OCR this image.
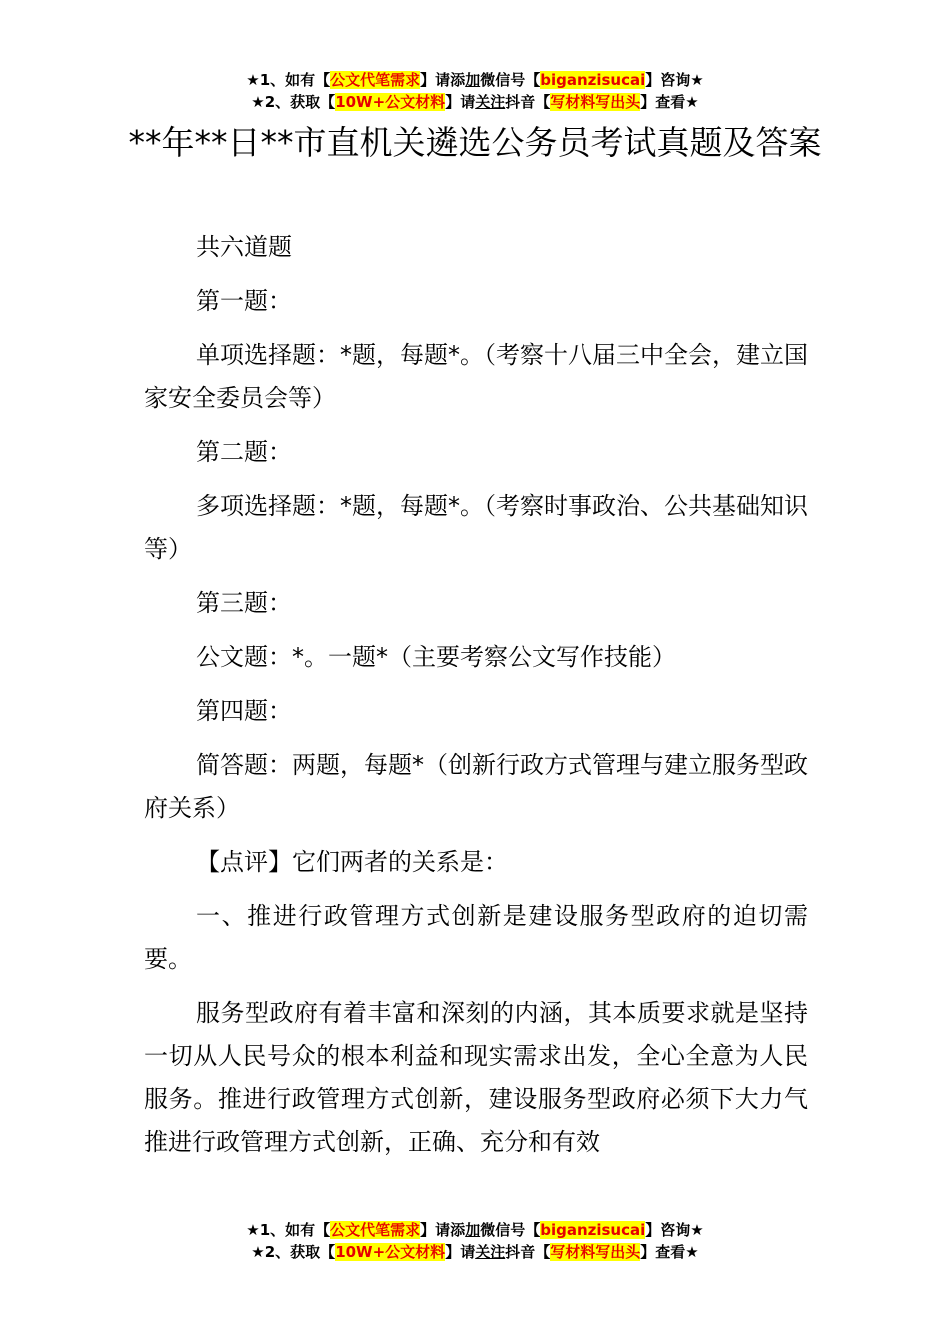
★1、如有【公文代笔需求】请添加微信号【biganzisucai】咨询★
★2、获取【10W+公文材料】请关注抖音【写材料写出头】查看★
**年**日**市直机关遴选公务员考试真题及答案

共六道题

第一题：

单项选择题：*题，每题*。（考察十八届三中全会，建立国家安全委员会等）

第二题：

多项选择题：*题，每题*。（考察时事政治、公共基础知识等）

第三题：

公文题：*。一题*（主要考察公文写作技能）

第四题：

简答题：两题，每题*（创新行政方式管理与建立服务型政府关系）

【点评】它们两者的关系是：

一、推进行政管理方式创新是建设服务型政府的迫切需要。

服务型政府有着丰富和深刻的内涵，其本质要求就是坚持一切从人民号众的根本利益和现实需求出发，全心全意为人民服务。推进行政管理方式创新，建设服务型政府必须下大力气推进行政管理方式创新，正确、充分和有效

★1、如有【公文代笔需求】请添加微信号【biganzisucai】咨询★
★2、获取【10W+公文材料】请关注抖音【写材料写出头】查看★
